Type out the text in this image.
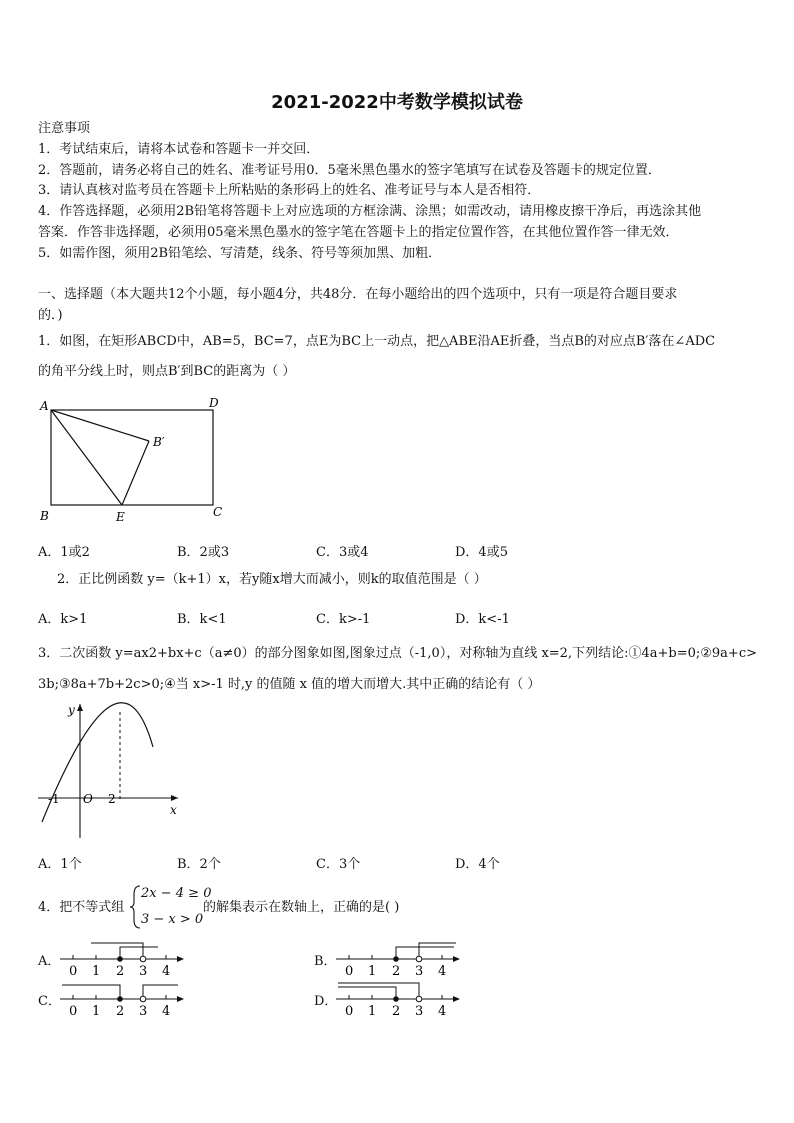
2021-2022中考数学模拟试卷
注意事项
1．考试结束后，请将本试卷和答题卡一并交回．
2．答题前，请务必将自己的姓名、准考证号用0．5毫米黑色墨水的签字笔填写在试卷及答题卡的规定位置．
3．请认真核对监考员在答题卡上所粘贴的条形码上的姓名、准考证号与本人是否相符．
4．作答选择题，必须用2B铅笔将答题卡上对应选项的方框涂满、涂黑；如需改动，请用橡皮擦干净后，再选涂其他
答案．作答非选择题，必须用05毫米黑色墨水的签字笔在答题卡上的指定位置作答，在其他位置作答一律无效．
5．如需作图，须用2B铅笔绘、写清楚，线条、符号等须加黑、加粗．
一、选择题（本大题共12个小题，每小题4分，共48分．在每小题给出的四个选项中，只有一项是符合题目要求
的．)
1．如图，在矩形ABCD中，AB=5，BC=7，点E为BC上一动点，把△ABE沿AE折叠，当点B的对应点B′落在∠ADC
的角平分线上时，则点B′到BC的距离为（ ）
A	D
B′
B	E	C
A．1或2	B．2或3	C．3或4	D．4或5
2．正比例函数 y=（k+1）x，若y随x增大而减小，则k的取值范围是（ ）
A．k>1	B．k<1	C．k>-1	D．k<-1
3．二次函数 y=ax2+bx+c（a≠0）的部分图象如图,图象过点（-1,0），对称轴为直线 x=2,下列结论:①4a+b=0;②9a+c>
3b;③8a+7b+2c>0;④当 x>-1 时,y 的值随 x 值的增大而增大.其中正确的结论有（ ）
y
x
-1 O 2
A．1个	B．2个	C．3个	D．4个
4．把不等式组
2x − 4 ≥ 0
3 − x > 0
的解集表示在数轴上，正确的是( )
A．
0 1 2 3 4
B．
0 1 2 3 4
C．
0 1 2 3 4
D．
0 1 2 3 4
